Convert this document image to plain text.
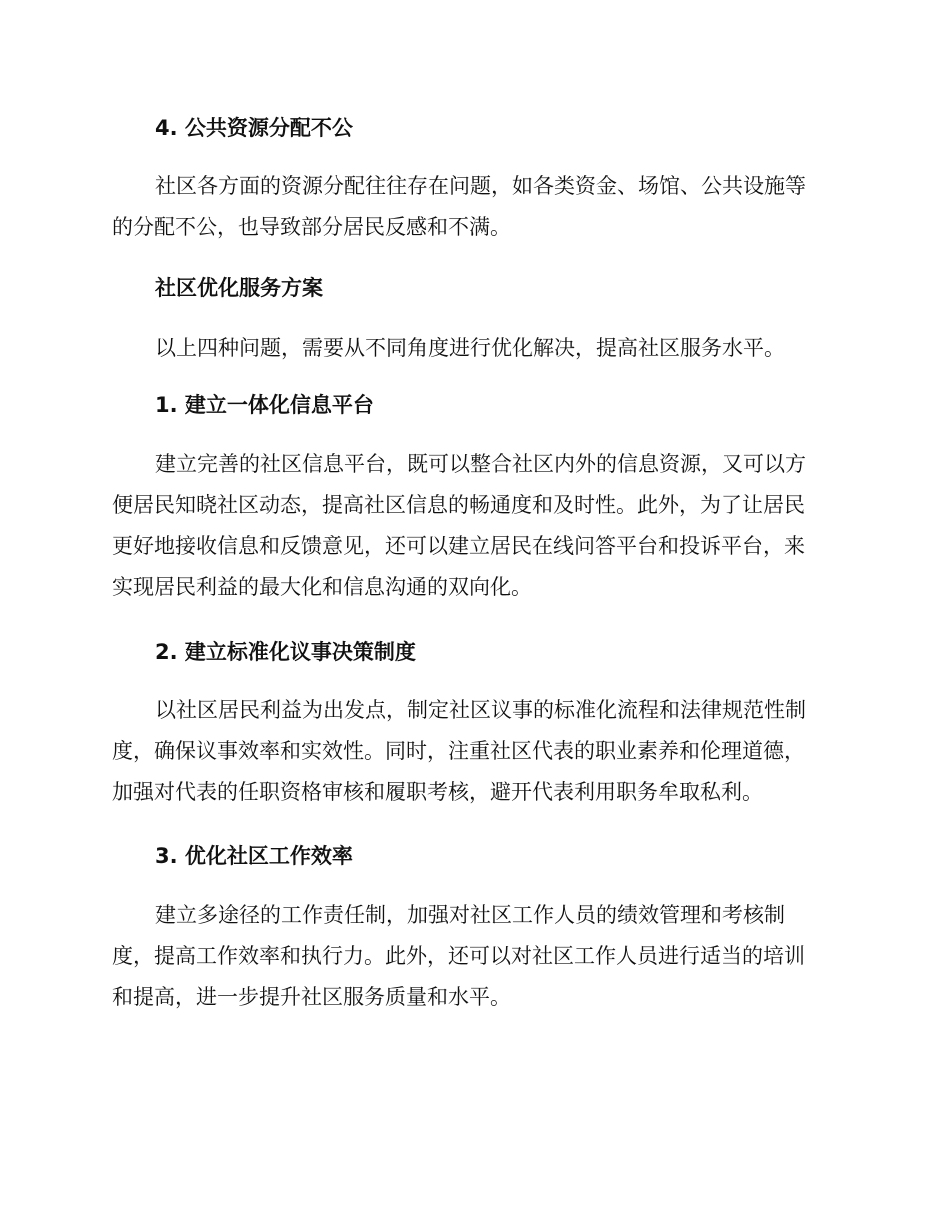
4. 公共资源分配不公
社区各方面的资源分配往往存在问题，如各类资金、场馆、公共设施等
的分配不公，也导致部分居民反感和不满。
社区优化服务方案
以上四种问题，需要从不同角度进行优化解决，提高社区服务水平。
1. 建立一体化信息平台
建立完善的社区信息平台，既可以整合社区内外的信息资源，又可以方
便居民知晓社区动态，提高社区信息的畅通度和及时性。此外，为了让居民
更好地接收信息和反馈意见，还可以建立居民在线问答平台和投诉平台，来
实现居民利益的最大化和信息沟通的双向化。
2. 建立标准化议事决策制度
以社区居民利益为出发点，制定社区议事的标准化流程和法律规范性制
度，确保议事效率和实效性。同时，注重社区代表的职业素养和伦理道德，
加强对代表的任职资格审核和履职考核，避开代表利用职务牟取私利。
3. 优化社区工作效率
建立多途径的工作责任制，加强对社区工作人员的绩效管理和考核制
度，提高工作效率和执行力。此外，还可以对社区工作人员进行适当的培训
和提高，进一步提升社区服务质量和水平。
